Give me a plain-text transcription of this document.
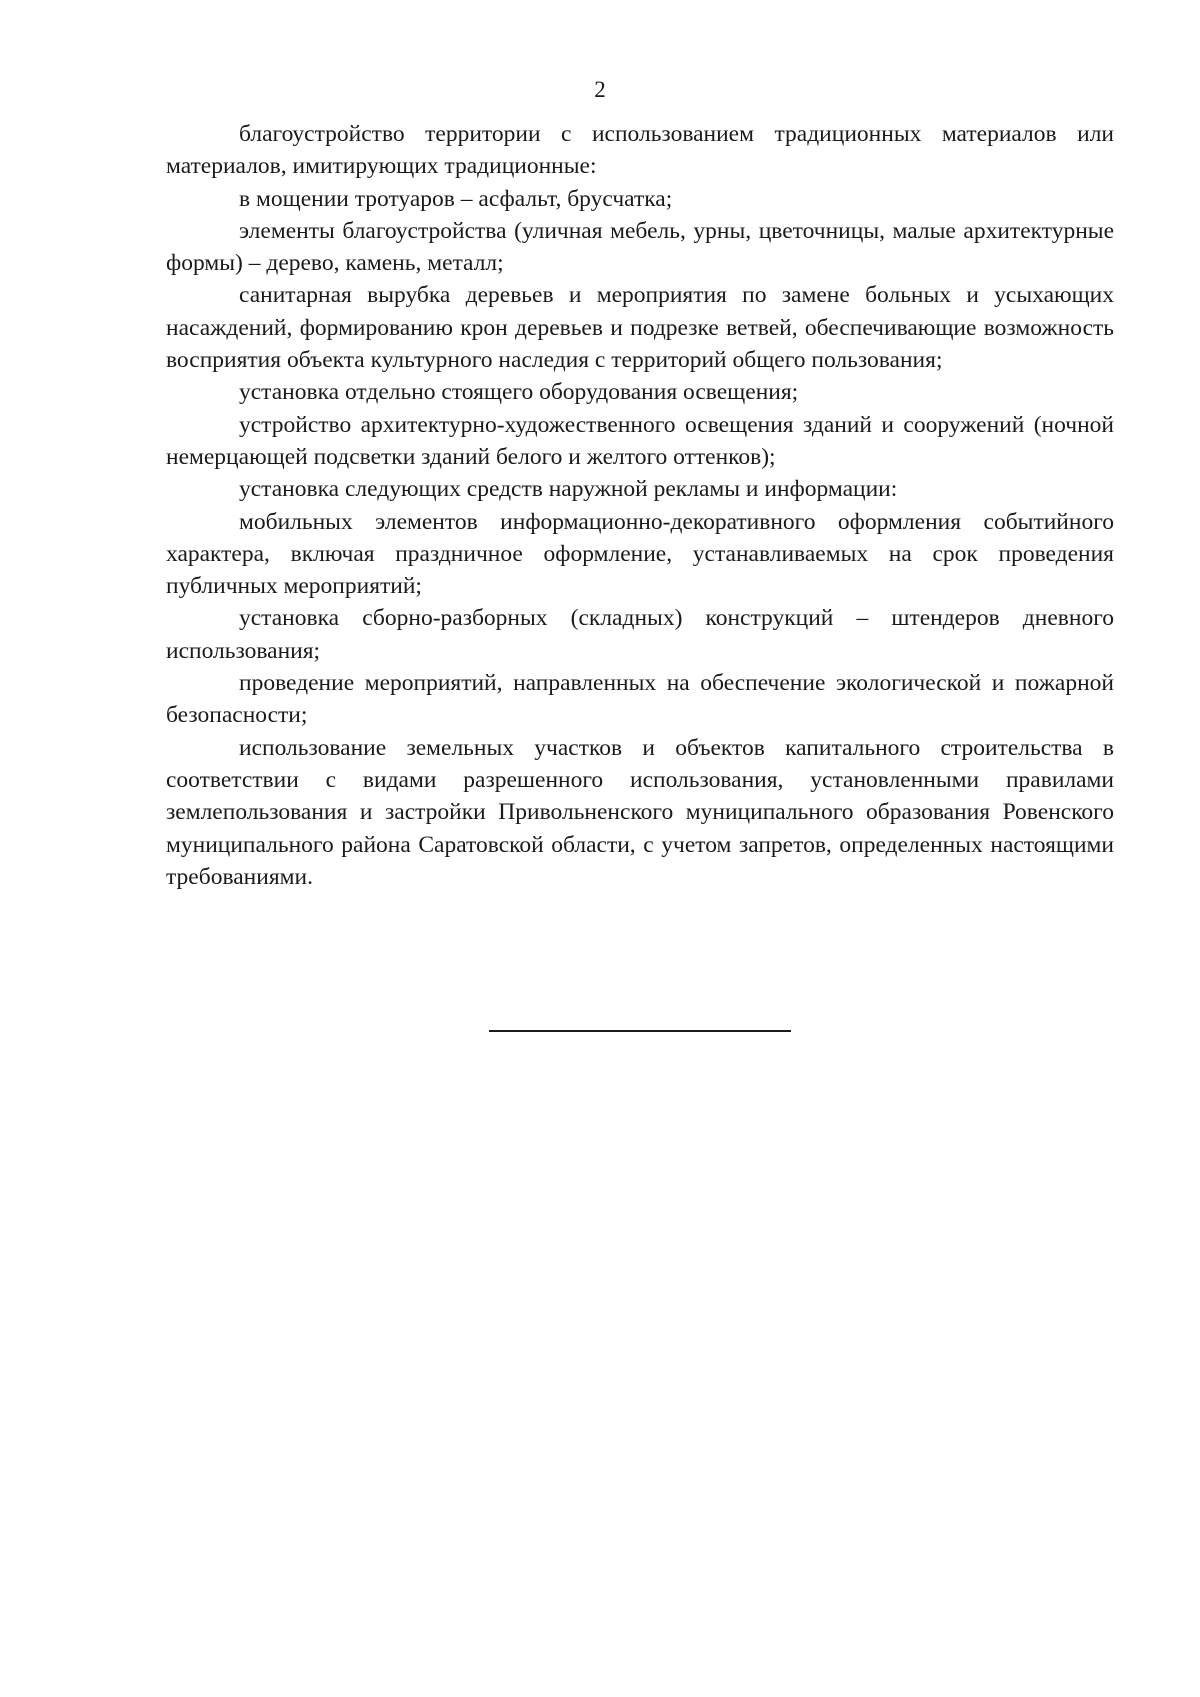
2

благоустройство территории с использованием традиционных материалов или материалов, имитирующих традиционные:

в мощении тротуаров – асфальт, брусчатка;

элементы благоустройства (уличная мебель, урны, цветочницы, малые архитектурные формы) – дерево, камень, металл;

санитарная вырубка деревьев и мероприятия по замене больных и усыхающих насаждений, формированию крон деревьев и подрезке ветвей, обеспечивающие возможность восприятия объекта культурного наследия с территорий общего пользования;

установка отдельно стоящего оборудования освещения;

устройство архитектурно-художественного освещения зданий и сооружений (ночной немерцающей подсветки зданий белого и желтого оттенков);

установка следующих средств наружной рекламы и информации:

мобильных элементов информационно-декоративного оформления событийного характера, включая праздничное оформление, устанавливаемых на срок проведения публичных мероприятий;

установка сборно-разборных (складных) конструкций – штендеров дневного использования;

проведение мероприятий, направленных на обеспечение экологической и пожарной безопасности;

использование земельных участков и объектов капитального строительства в соответствии с видами разрешенного использования, установленными правилами землепользования и застройки Привольненского муниципального образования Ровенского муниципального района Саратовской области, с учетом запретов, определенных настоящими требованиями.
